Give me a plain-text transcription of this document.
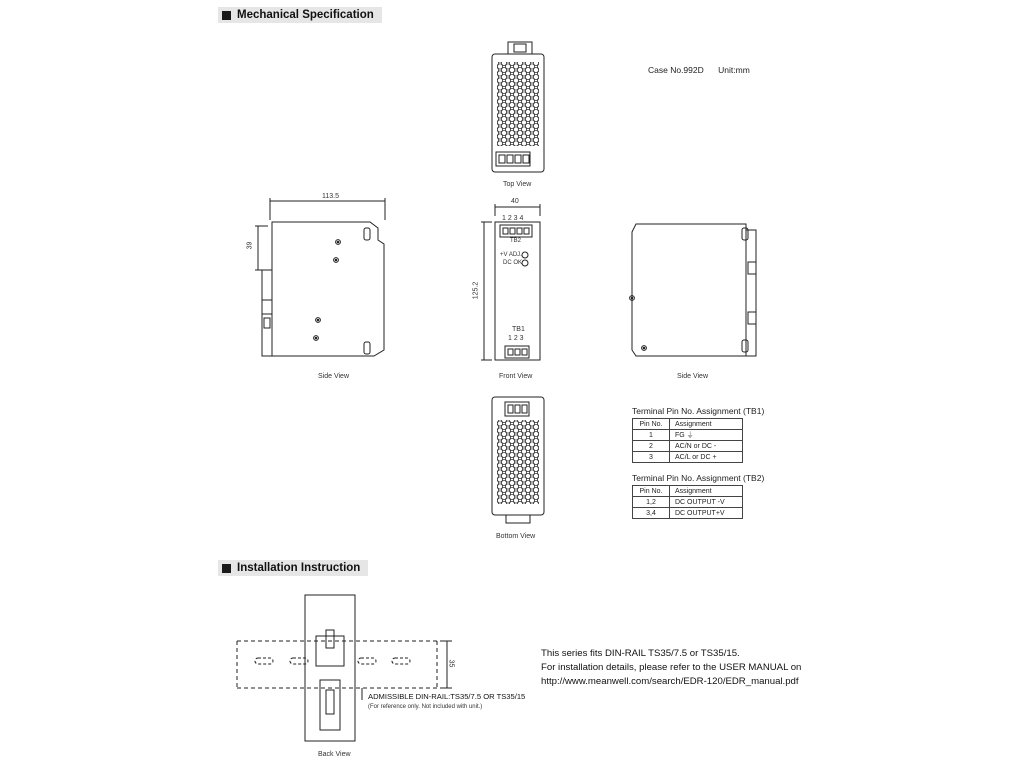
Mechanical Specification
Installation Instruction
Case No.992D Unit:mm
Top View
Side View	Front View	Side View
Bottom View
Back View
113.5
39
40
125.2
35
1 2 3 4
TB2
+V ADJ.
DC OK
TB1
1 2 3
Terminal Pin No. Assignment (TB1)
Pin No.	Assignment
1	FG ⏚
2	AC/N or DC -
3	AC/L or DC +
Terminal Pin No. Assignment (TB2)
Pin No.	Assignment
1,2	DC OUTPUT -V
3,4	DC OUTPUT+V
ADMISSIBLE DIN-RAIL:TS35/7.5 OR TS35/15
(For reference only. Not included with unit.)
This series fits DIN-RAIL TS35/7.5 or TS35/15.
For installation details, please refer to the USER MANUAL on
http://www.meanwell.com/search/EDR-120/EDR_manual.pdf
